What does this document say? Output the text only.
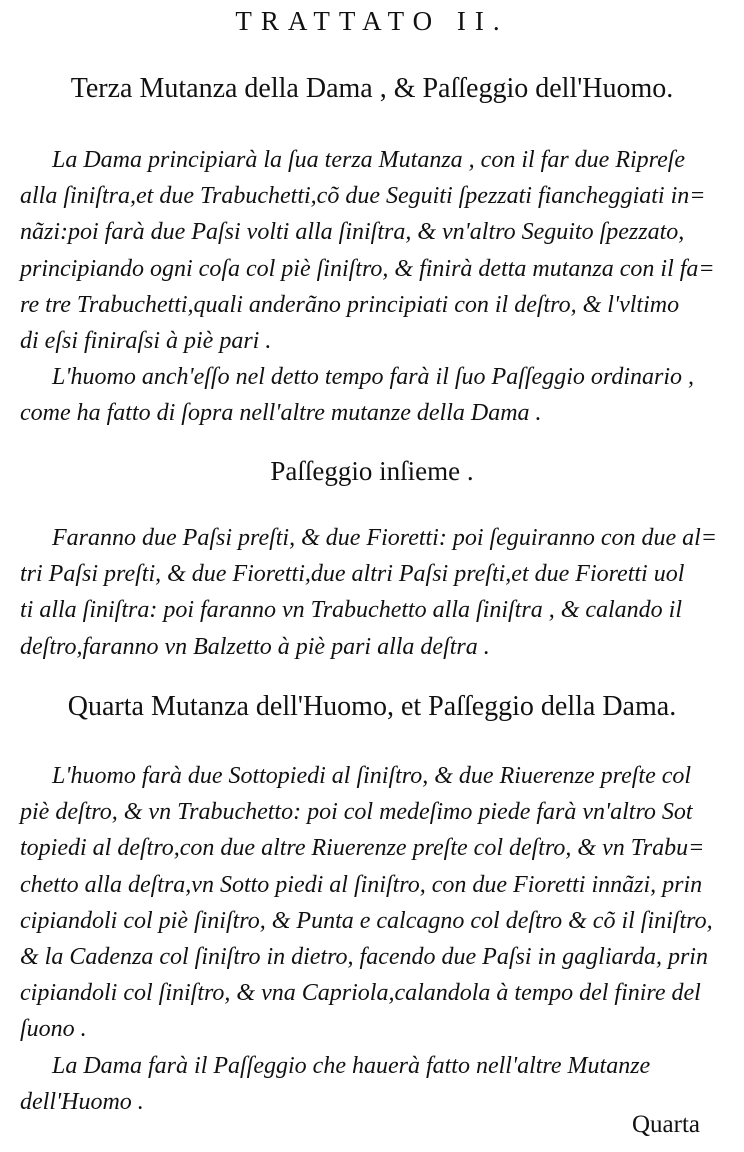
TRATTATO II.
Terza Mutanza della Dama , & Paſſeggio dell'Huomo.
La Dama principiarà la ſua terza Mutanza , con il far due Ripreſe
alla ſiniſtra,et due Trabuchetti,cõ due Seguiti ſpezzati fiancheggiati in=
nãzi:poi farà due Paſsi volti alla ſiniſtra, & vn'altro Seguito ſpezzato,
principiando ogni coſa col piè ſiniſtro, & finirà detta mutanza con il fa=
re tre Trabuchetti,quali anderãno principiati con il deſtro, & l'vltimo
di eſsi finiraſsi à piè pari .
L'huomo anch'eſſo nel detto tempo farà il ſuo Paſſeggio ordinario ,
come ha fatto di ſopra nell'altre mutanze della Dama .
Paſſeggio inſieme .
Faranno due Paſsi preſti, & due Fioretti: poi ſeguiranno con due al=
tri Paſsi preſti, & due Fioretti,due altri Paſsi preſti,et due Fioretti uol
ti alla ſiniſtra: poi faranno vn Trabuchetto alla ſiniſtra , & calando il
deſtro,faranno vn Balzetto à piè pari alla deſtra .
Quarta Mutanza dell'Huomo, et Paſſeggio della Dama.
L'huomo farà due Sottopiedi al ſiniſtro, & due Riuerenze preſte col
piè deſtro, & vn Trabuchetto: poi col medeſimo piede farà vn'altro Sot
topiedi al deſtro,con due altre Riuerenze preſte col deſtro, & vn Trabu=
chetto alla deſtra,vn Sotto piedi al ſiniſtro, con due Fioretti innãzi, prin
cipiandoli col piè ſiniſtro, & Punta e calcagno col deſtro & cõ il ſiniſtro,
& la Cadenza col ſiniſtro in dietro, facendo due Paſsi in gagliarda, prin
cipiandoli col ſiniſtro, & vna Capriola,calandola à tempo del finire del
ſuono .
La Dama farà il Paſſeggio che hauerà fatto nell'altre Mutanze
dell'Huomo .
Quarta
